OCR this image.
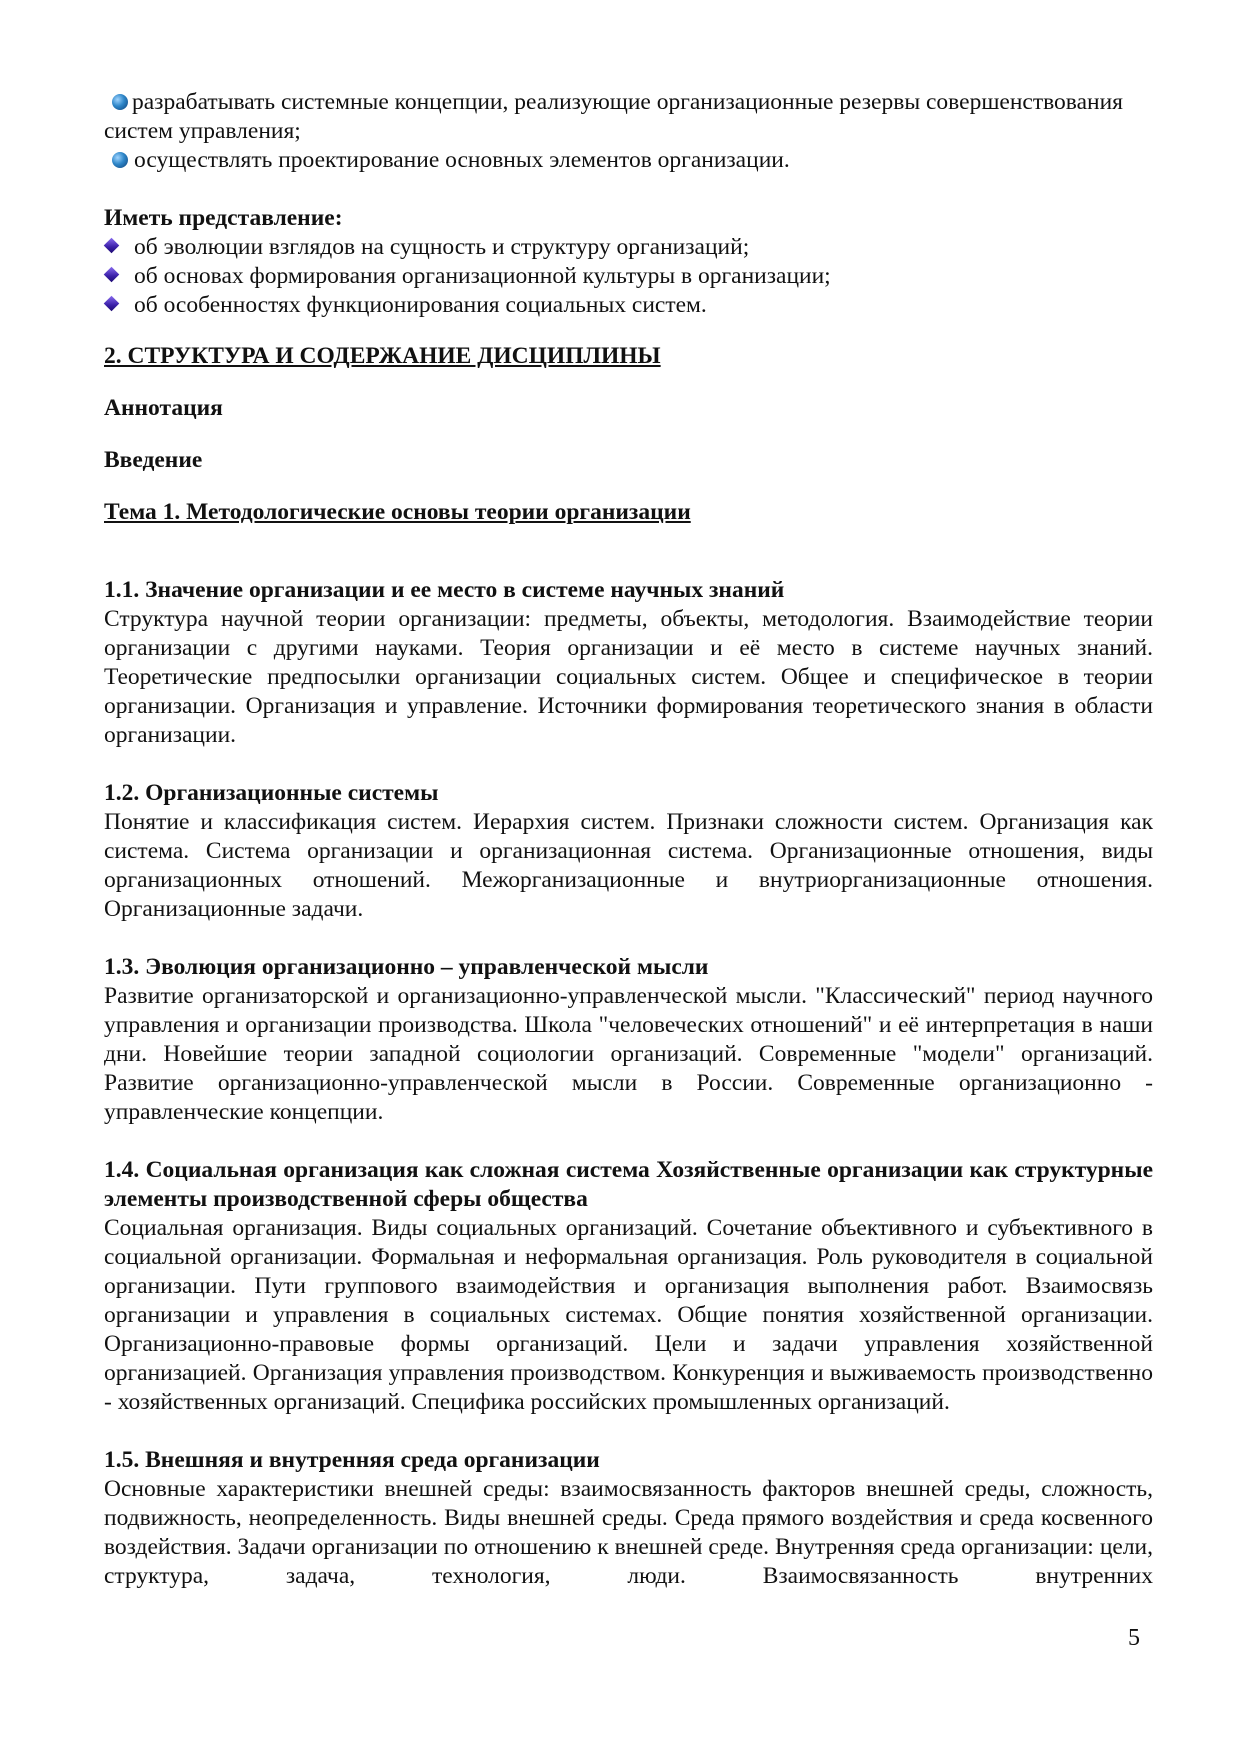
разрабатывать системные концепции, реализующие организационные резервы совершенствования систем управления;
осуществлять проектирование основных элементов организации.
Иметь представление:
об эволюции взглядов на сущность и структуру организаций;
об основах формирования организационной культуры в организации;
об особенностях функционирования социальных систем.
2. СТРУКТУРА И СОДЕРЖАНИЕ ДИСЦИПЛИНЫ
Аннотация
Введение
Тема 1. Методологические основы теории организации
1.1. Значение организации и ее место в системе научных знаний
Структура научной теории организации: предметы, объекты, методология. Взаимодействие теории организации с другими науками. Теория организации и её место в системе научных знаний. Теоретические предпосылки организации социальных систем. Общее и специфическое в теории организации. Организация и управление. Источники формирования теоретического знания в области организации.
1.2. Организационные системы
Понятие и классификация систем. Иерархия систем. Признаки сложности систем. Организация как система. Система организации и организационная система. Организационные отношения, виды организационных отношений. Межорганизационные и внутриорганизационные отношения. Организационные задачи.
1.3. Эволюция организационно – управленческой мысли
Развитие организаторской и организационно-управленческой мысли. "Классический" период научного управления и организации производства. Школа "человеческих отношений" и её интерпретация в наши дни. Новейшие теории западной социологии организаций. Современные "модели" организаций. Развитие организационно-управленческой мысли в России. Современные организационно - управленческие концепции.
1.4. Социальная организация как сложная система Хозяйственные организации как структурные элементы производственной сферы общества
Социальная организация. Виды социальных организаций. Сочетание объективного и субъективного в социальной организации. Формальная и неформальная организация. Роль руководителя в социальной организации. Пути группового взаимодействия и организация выполнения работ. Взаимосвязь организации и управления в социальных системах. Общие понятия хозяйственной организации. Организационно-правовые формы организаций. Цели и задачи управления хозяйственной организацией. Организация управления производством. Конкуренция и выживаемость производственно - хозяйственных организаций. Специфика российских промышленных организаций.
1.5. Внешняя и внутренняя среда организации
Основные характеристики внешней среды: взаимосвязанность факторов внешней среды, сложность, подвижность, неопределенность. Виды внешней среды. Среда прямого воздействия и среда косвенного воздействия. Задачи организации по отношению к внешней среде. Внутренняя среда организации: цели, структура, задача, технология, люди. Взаимосвязанность внутренних
5
